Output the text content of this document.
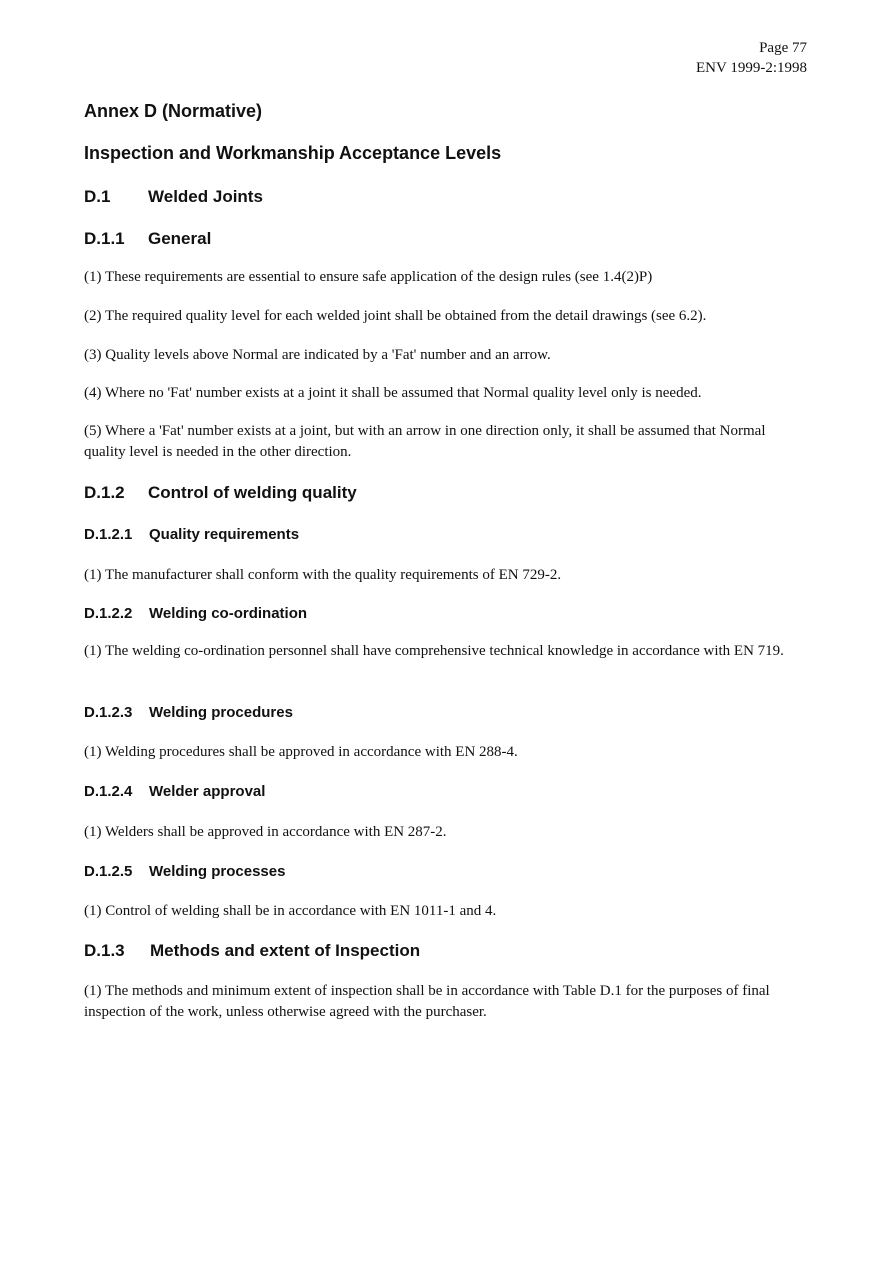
Page 77
ENV 1999-2:1998
Annex D (Normative)
Inspection and Workmanship Acceptance Levels
D.1 Welded Joints
D.1.1 General

(1) These requirements are essential to ensure safe application of the design rules (see 1.4(2)P)

(2) The required quality level for each welded joint shall be obtained from the detail drawings (see 6.2).

(3) Quality levels above Normal are indicated by a 'Fat' number and an arrow.

(4) Where no 'Fat' number exists at a joint it shall be assumed that Normal quality level only is needed.

(5) Where a 'Fat' number exists at a joint, but with an arrow in one direction only, it shall be assumed that Normal quality level is needed in the other direction.

D.1.2 Control of welding quality
D.1.2.1 Quality requirements

(1) The manufacturer shall conform with the quality requirements of EN 729-2.

D.1.2.2 Welding co-ordination

(1) The welding co-ordination personnel shall have comprehensive technical knowledge in accordance with EN 719.

D.1.2.3 Welding procedures

(1) Welding procedures shall be approved in accordance with EN 288-4.

D.1.2.4 Welder approval

(1) Welders shall be approved in accordance with EN 287-2.

D.1.2.5 Welding processes

(1) Control of welding shall be in accordance with EN 1011-1 and 4.

D.1.3 Methods and extent of Inspection

(1) The methods and minimum extent of inspection shall be in accordance with Table D.1 for the purposes of final inspection of the work, unless otherwise agreed with the purchaser.
